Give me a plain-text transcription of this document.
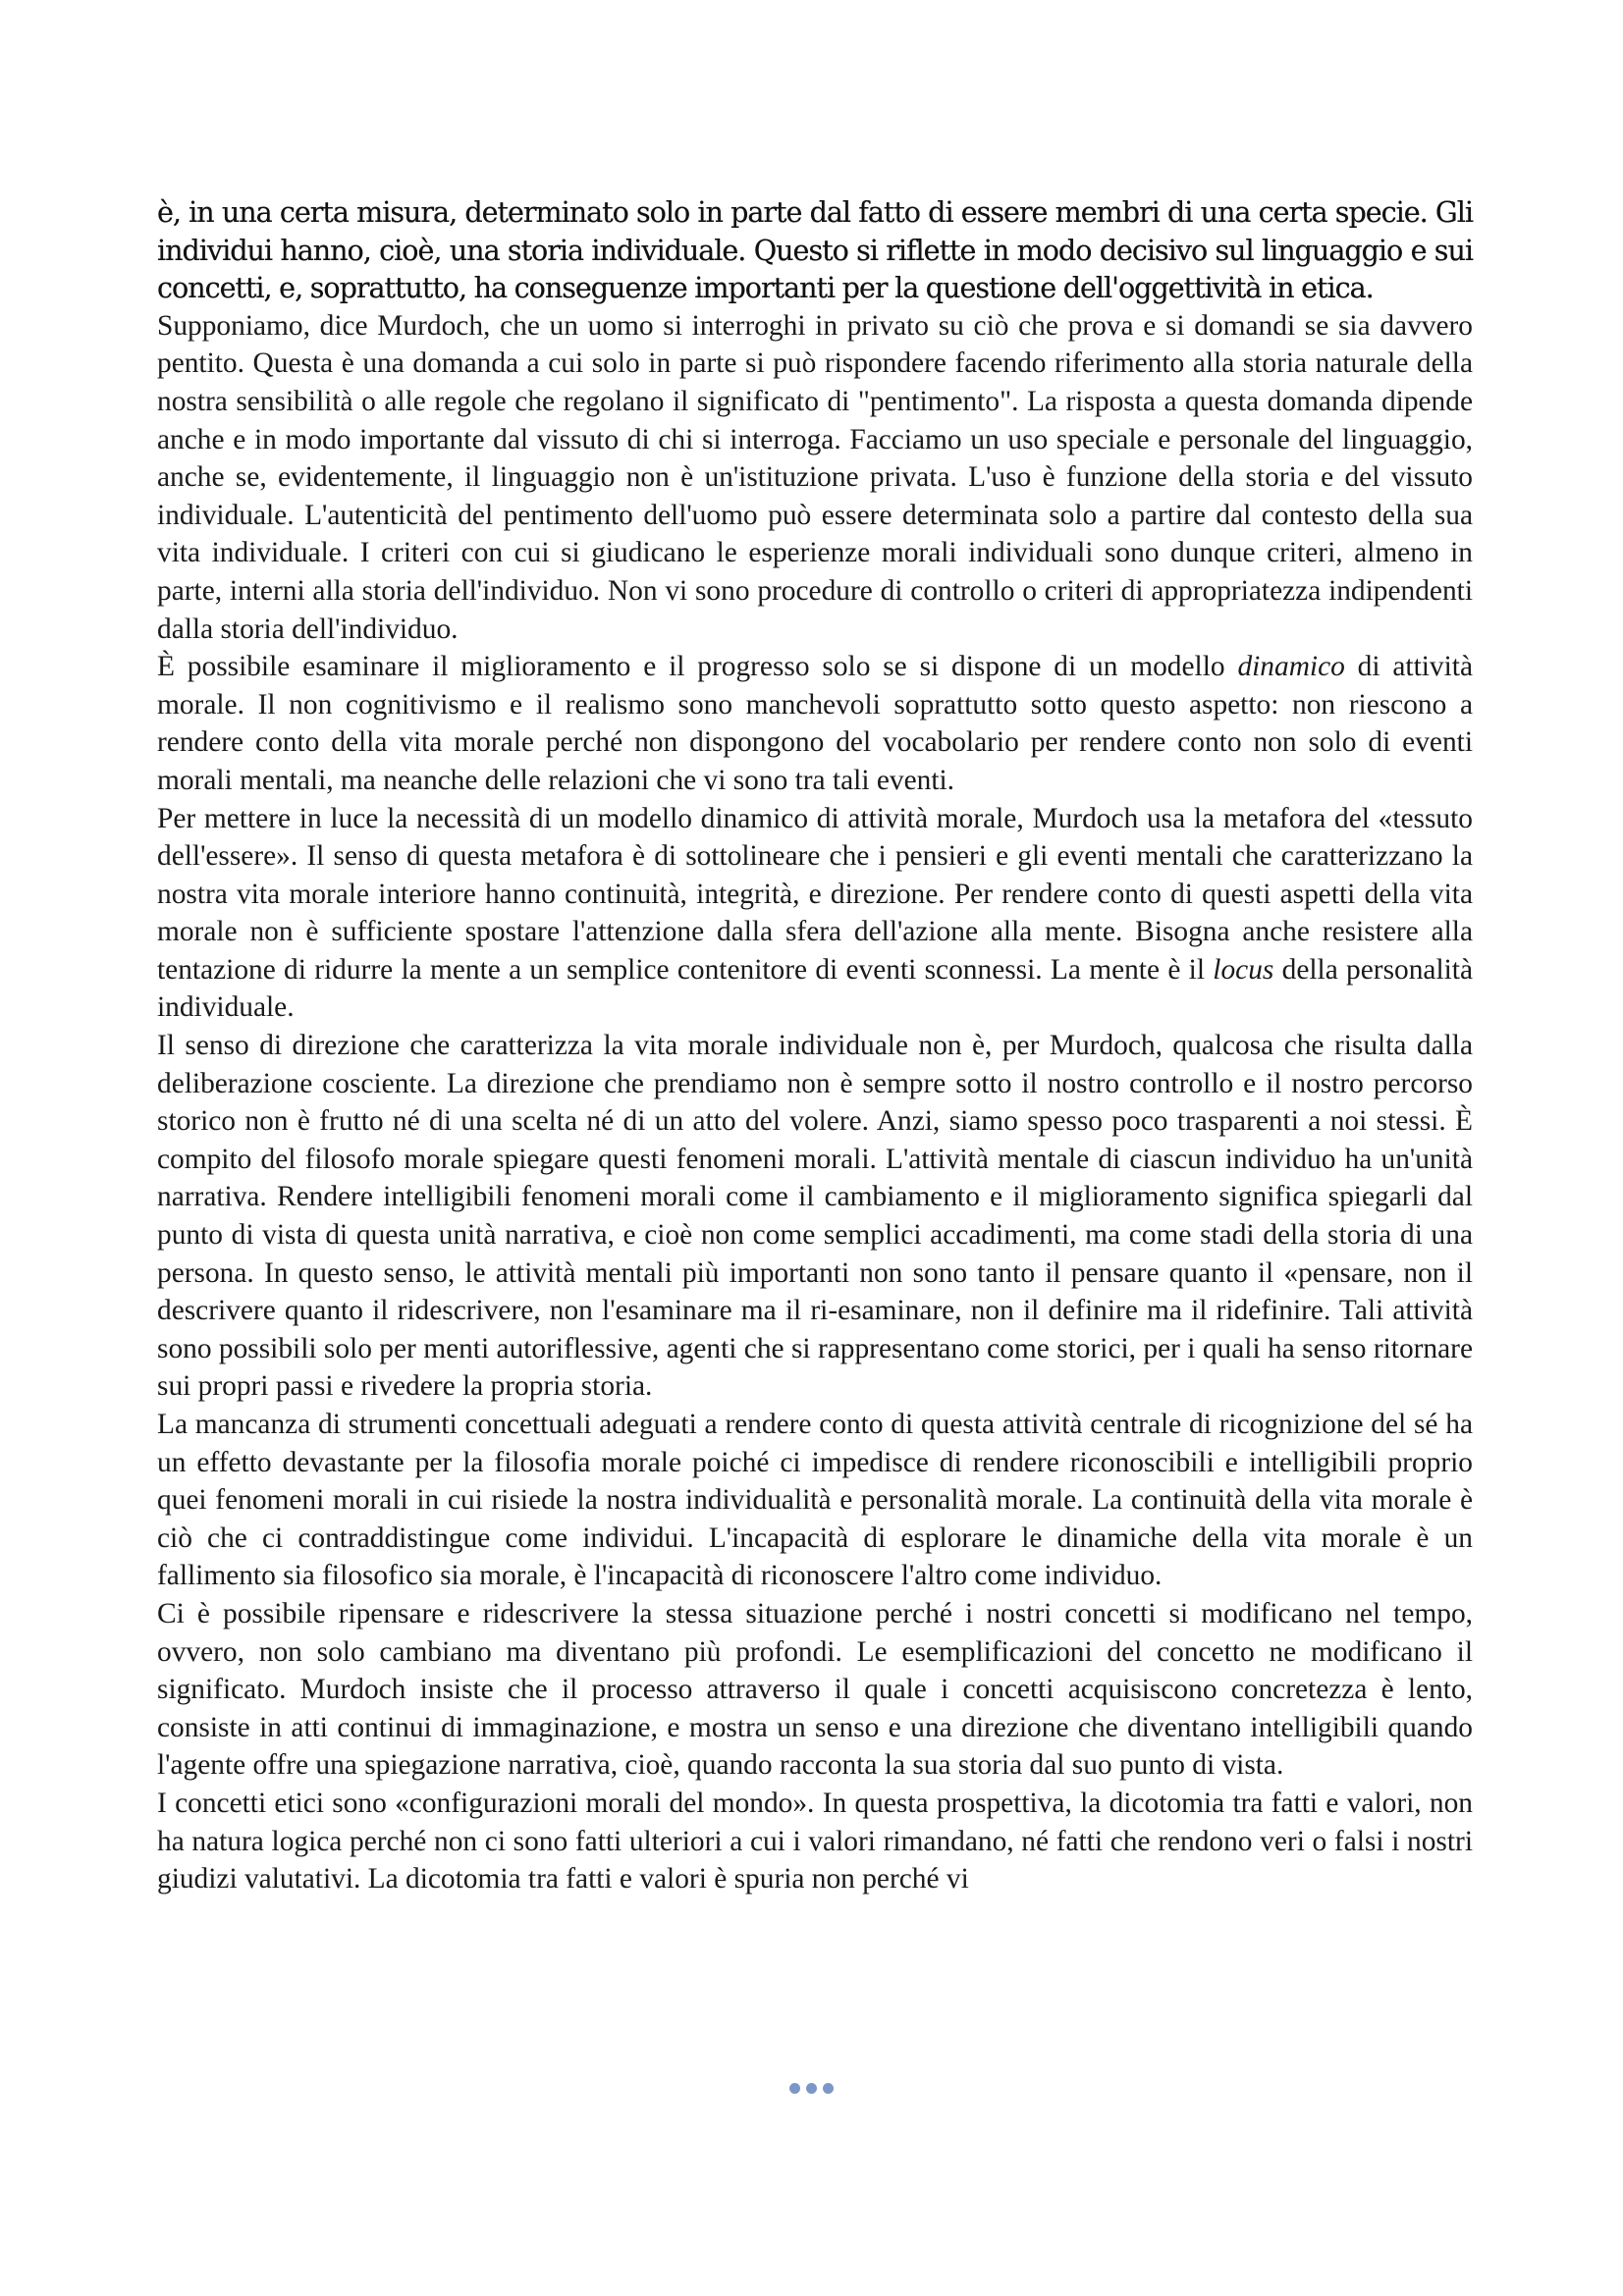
è, in una certa misura, determinato solo in parte dal fatto di essere membri di una certa specie. Gli individui hanno, cioè, una storia individuale. Questo si riflette in modo decisivo sul linguaggio e sui concetti, e, soprattutto, ha conseguenze importanti per la questione dell'oggettività in etica.

Supponiamo, dice Murdoch, che un uomo si interroghi in privato su ciò che prova e si domandi se sia davvero pentito. Questa è una domanda a cui solo in parte si può rispondere facendo riferimento alla storia naturale della nostra sensibilità o alle regole che regolano il significato di "pentimento". La risposta a questa domanda dipende anche e in modo importante dal vissuto di chi si interroga. Facciamo un uso speciale e personale del linguaggio, anche se, evidentemente, il linguaggio non è un'istituzione privata. L'uso è funzione della storia e del vissuto individuale. L'autenticità del pentimento dell'uomo può essere determinata solo a partire dal contesto della sua vita individuale. I criteri con cui si giudicano le esperienze morali individuali sono dunque criteri, almeno in parte, interni alla storia dell'individuo. Non vi sono procedure di controllo o criteri di appropriatezza indipendenti dalla storia dell'individuo.

È possibile esaminare il miglioramento e il progresso solo se si dispone di un modello dinamico di attività morale. Il non cognitivismo e il realismo sono manchevoli soprattutto sotto questo aspetto: non riescono a rendere conto della vita morale perché non dispongono del vocabolario per rendere conto non solo di eventi morali mentali, ma neanche delle relazioni che vi sono tra tali eventi.

Per mettere in luce la necessità di un modello dinamico di attività morale, Murdoch usa la metafora del «tessuto dell'essere». Il senso di questa metafora è di sottolineare che i pensieri e gli eventi mentali che caratterizzano la nostra vita morale interiore hanno continuità, integrità, e direzione. Per rendere conto di questi aspetti della vita morale non è sufficiente spostare l'attenzione dalla sfera dell'azione alla mente. Bisogna anche resistere alla tentazione di ridurre la mente a un semplice contenitore di eventi sconnessi. La mente è il locus della personalità individuale.

Il senso di direzione che caratterizza la vita morale individuale non è, per Murdoch, qualcosa che risulta dalla deliberazione cosciente. La direzione che prendiamo non è sempre sotto il nostro controllo e il nostro percorso storico non è frutto né di una scelta né di un atto del volere. Anzi, siamo spesso poco trasparenti a noi stessi. È compito del filosofo morale spiegare questi fenomeni morali. L'attività mentale di ciascun individuo ha un'unità narrativa. Rendere intelligibili fenomeni morali come il cambiamento e il miglioramento significa spiegarli dal punto di vista di questa unità narrativa, e cioè non come semplici accadimenti, ma come stadi della storia di una persona. In questo senso, le attività mentali più importanti non sono tanto il pensare quanto il «pensare, non il descrivere quanto il ridescrivere, non l'esaminare ma il ri-esaminare, non il definire ma il ridefinire. Tali attività sono possibili solo per menti autoriflessive, agenti che si rappresentano come storici, per i quali ha senso ritornare sui propri passi e rivedere la propria storia.

La mancanza di strumenti concettuali adeguati a rendere conto di questa attività centrale di ricognizione del sé ha un effetto devastante per la filosofia morale poiché ci impedisce di rendere riconoscibili e intelligibili proprio quei fenomeni morali in cui risiede la nostra individualità e personalità morale. La continuità della vita morale è ciò che ci contraddistingue come individui. L'incapacità di esplorare le dinamiche della vita morale è un fallimento sia filosofico sia morale, è l'incapacità di riconoscere l'altro come individuo.

Ci è possibile ripensare e ridescrivere la stessa situazione perché i nostri concetti si modificano nel tempo, ovvero, non solo cambiano ma diventano più profondi. Le esemplificazioni del concetto ne modificano il significato. Murdoch insiste che il processo attraverso il quale i concetti acquisiscono concretezza è lento, consiste in atti continui di immaginazione, e mostra un senso e una direzione che diventano intelligibili quando l'agente offre una spiegazione narrativa, cioè, quando racconta la sua storia dal suo punto di vista.

I concetti etici sono «configurazioni morali del mondo». In questa prospettiva, la dicotomia tra fatti e valori, non ha natura logica perché non ci sono fatti ulteriori a cui i valori rimandano, né fatti che rendono veri o falsi i nostri giudizi valutativi. La dicotomia tra fatti e valori è spuria non perché vi
